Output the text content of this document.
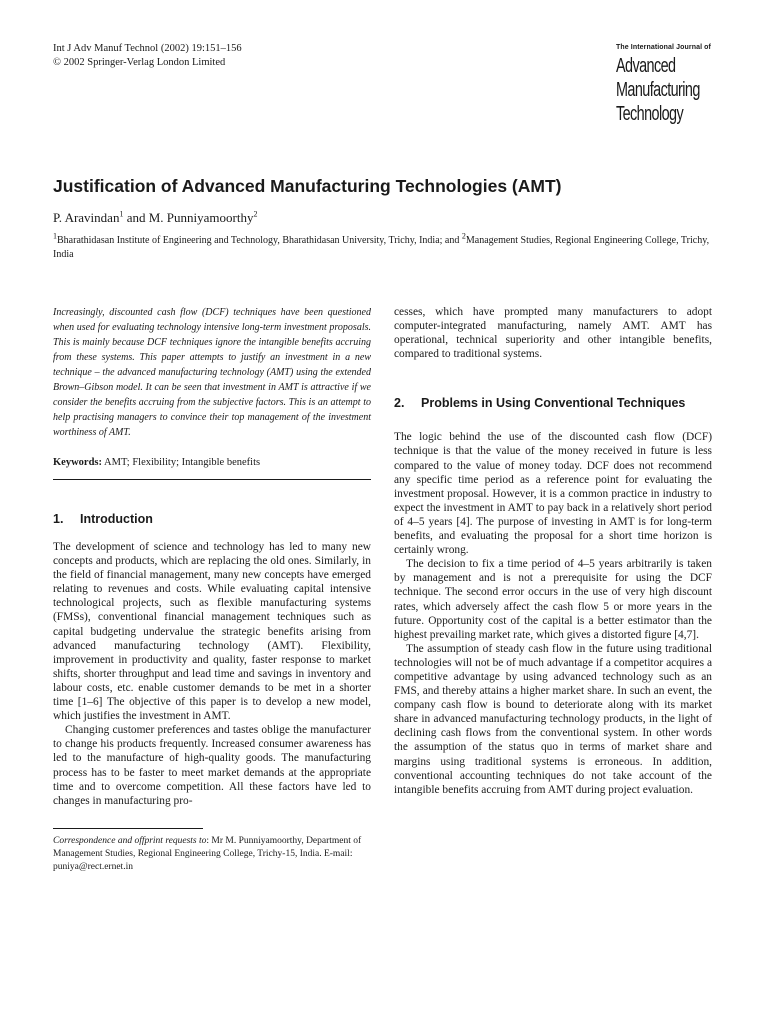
Int J Adv Manuf Technol (2002) 19:151–156
© 2002 Springer-Verlag London Limited
The International Journal of
Advanced
Manufacturing
Technology
Justification of Advanced Manufacturing Technologies (AMT)
P. Aravindan$^1$ and M. Punniyamoorthy$^2$
$^1$Bharathidasan Institute of Engineering and Technology, Bharathidasan University, Trichy, India; and $^2$Management Studies, Regional Engineering College, Trichy, India

Increasingly, discounted cash flow (DCF) techniques have been questioned when used for evaluating technology intensive long-term investment proposals. This is mainly because DCF techniques ignore the intangible benefits accruing from these systems. This paper attempts to justify an investment in a new technique – the advanced manufacturing technology (AMT) using the extended Brown–Gibson model. It can be seen that investment in AMT is attractive if we consider the benefits accruing from the subjective factors. This is an attempt to help practising managers to convince their top management of the investment worthiness of AMT.

Keywords: AMT; Flexibility; Intangible benefits
1. Introduction

The development of science and technology has led to many new concepts and products, which are replacing the old ones. Similarly, in the field of financial management, many new concepts have emerged relating to revenues and costs. While evaluating capital intensive technological projects, such as flexible manufacturing systems (FMSs), conventional financial management techniques such as capital budgeting undervalue the strategic benefits arising from advanced manufacturing technology (AMT). Flexibility, improvement in productivity and quality, faster response to market shifts, shorter throughput and lead time and savings in inventory and labour costs, etc. enable customer demands to be met in a shorter time [1–6] The objective of this paper is to develop a new model, which justifies the investment in AMT.

Changing customer preferences and tastes oblige the manufacturer to change his products frequently. Increased consumer awareness has led to the manufacture of high-quality goods. The manufacturing process has to be faster to meet market demands at the appropriate time and to overcome competition. All these factors have led to changes in manufacturing pro-

Correspondence and offprint requests to: Mr M. Punniyamoorthy, Department of Management Studies, Regional Engineering College, Trichy-15, India. E-mail: puniya@rect.ernet.in

cesses, which have prompted many manufacturers to adopt computer-integrated manufacturing, namely AMT. AMT has operational, technical superiority and other intangible benefits, compared to traditional systems.

2.	Problems in Using Conventional Techniques

The logic behind the use of the discounted cash flow (DCF) technique is that the value of the money received in future is less compared to the value of money today. DCF does not recommend any specific time period as a reference point for evaluating the investment proposal. However, it is a common practice in industry to expect the investment in AMT to pay back in a relatively short period of 4–5 years [4]. The purpose of investing in AMT is for long-term benefits, and evaluating the proposal for a short time horizon is certainly wrong.

The decision to fix a time period of 4–5 years arbitrarily is taken by management and is not a prerequisite for using the DCF technique. The second error occurs in the use of very high discount rates, which adversely affect the cash flow 5 or more years in the future. Opportunity cost of the capital is a better estimator than the highest prevailing market rate, which gives a distorted figure [4,7].

The assumption of steady cash flow in the future using traditional technologies will not be of much advantage if a competitor acquires a competitive advantage by using advanced technology such as an FMS, and thereby attains a higher market share. In such an event, the company cash flow is bound to deteriorate along with its market share in advanced manufacturing technology products, in the light of declining cash flows from the conventional system. In other words the assumption of the status quo in terms of market share and margins using traditional systems is erroneous. In addition, conventional accounting techniques do not take account of the intangible benefits accruing from AMT during project evaluation.
